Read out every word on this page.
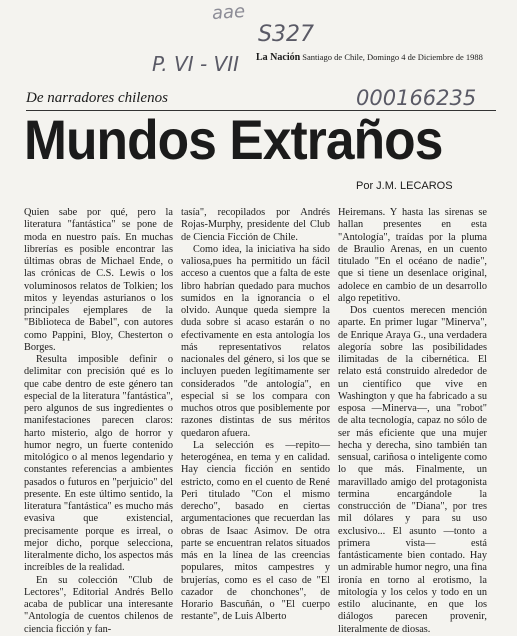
aae
S327
P. VI - VII
000166235
La Nación Santiago de Chile, Domingo 4 de Diciembre de 1988
De narradores chilenos
Mundos Extraños
Por J.M. LECAROS

Quien sabe por qué, pero la literatura "fantástica" se pone de moda en nuestro país. En muchas librerías es posible encontrar las últimas obras de Michael Ende, o las crónicas de C.S. Lewis o los voluminosos relatos de Tolkien; los mitos y leyendas asturianos o los principales ejemplares de la "Biblioteca de Babel", con autores como Pappini, Bloy, Chesterton o Borges.

Resulta imposible definir o delimitar con precisión qué es lo que cabe dentro de este género tan especial de la literatura "fantástica", pero algunos de sus ingredientes o manifestaciones parecen claros: harto misterio, algo de horror y humor negro, un fuerte contenido mitológico o al menos legendario y constantes referencias a ambientes pasados o futuros en "perjuicio" del presente. En este último sentido, la literatura "fantástica" es mucho más evasiva que existencial, precisamente porque es irreal, o mejor dicho, porque selecciona, literalmente dicho, los aspectos más increíbles de la realidad.

En su colección "Club de Lectores", Editorial Andrés Bello acaba de publicar una interesante "Antología de cuentos chilenos de ciencia ficción y fan-

tasía", recopilados por Andrés Rojas-Murphy, presidente del Club de Ciencia Ficción de Chile.

Como idea, la iniciativa ha sido valiosa,pues ha permitido un fácil acceso a cuentos que a falta de este libro habrían quedado para muchos sumidos en la ignorancia o el olvido. Aunque queda siempre la duda sobre si acaso estarán o no efectivamente en esta antología los más representativos relatos nacionales del género, si los que se incluyen pueden legítimamente ser considerados "de antología", en especial si se los compara con muchos otros que posiblemente por razones distintas de sus méritos quedaron afuera.

La selección es —repito— heterogénea, en tema y en calidad. Hay ciencia ficción en sentido estricto, como en el cuento de René Peri titulado "Con el mismo derecho", basado en ciertas argumentaciones que recuerdan las obras de Isaac Asimov. De otra parte se encuentran relatos situados más en la línea de las creencias populares, mitos campestres y brujerías, como es el caso de "El cazador de chonchones", de Horario Bascuñán, o "El cuerpo restante", de Luis Alberto

Heiremans. Y hasta las sirenas se hallan presentes en esta "Antología", traídas por la pluma de Braulio Arenas, en un cuento titulado "En el océano de nadie", que si tiene un desenlace original, adolece en cambio de un desarrollo algo repetitivo.

Dos cuentos merecen mención aparte. En primer lugar "Minerva", de Enrique Araya G., una verdadera alegoría sobre las posibilidades ilimitadas de la cibernética. El relato está construido alrededor de un científico que vive en Washington y que ha fabricado a su esposa —Minerva—, una "robot" de alta tecnología, capaz no sólo de ser más eficiente que una mujer hecha y derecha, sino también tan sensual, cariñosa o inteligente como lo que más. Finalmente, un maravillado amigo del protagonista termina encargándole la construcción de "Diana", por tres mil dólares y para su uso exclusivo... El asunto —tonto a primera vista— está fantásticamente bien contado. Hay un admirable humor negro, una fina ironía en torno al erotismo, la mitología y los celos y todo en un estilo alucinante, en que los diálogos parecen provenir, literalmente de diosas.
